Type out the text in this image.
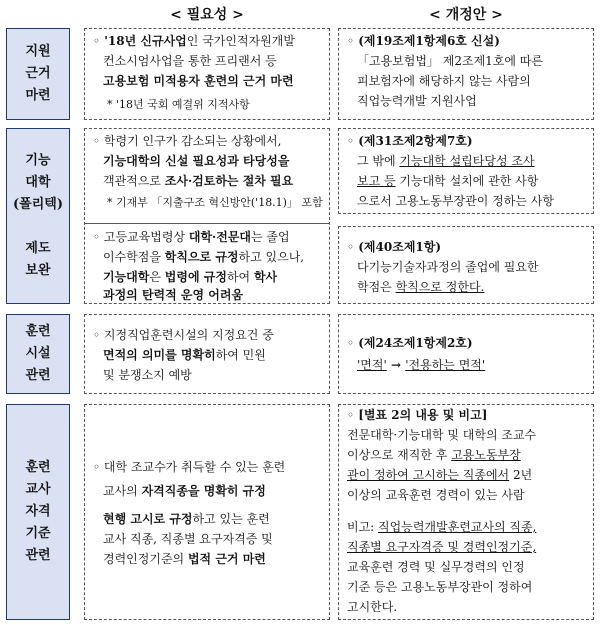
< 필요성 >	< 개정안 >
지원
근거
마련
기능
대학
(폴리텍)

제도
보완
훈련
시설
관련
훈련
교사
자격
기준
관련
◦ '18년 신규사업인 국가인적자원개발
컨소시엄사업을 통한 프리랜서 등
고용보험 미적용자 훈련의 근거 마련
* '18년 국회 예결위 지적사항
◦ (제19조제1항제6호 신설)
「고용보험법」 제2조제1호에 따른
피보험자에 해당하지 않는 사람의
직업능력개발 지원사업
◦ 학령기 인구가 감소되는 상황에서,
기능대학의 신설 필요성과 타당성을
객관적으로 조사·검토하는 절차 필요
* 기재부 「지출구조 혁신방안('18.1)」 포함
◦ 고등교육법령상 대학·전문대는 졸업
이수학점을 학칙으로 규정하고 있으나,
기능대학은 법령에 규정하여 학사
과정의 탄력적 운영 어려움
◦ (제31조제2항제7호)
그 밖에 기능대학 설립타당성 조사
보고 등 기능대학 설치에 관한 사항
으로서 고용노동부장관이 정하는 사항
◦ (제40조제1항)
다기능기술자과정의 졸업에 필요한
학점은 학칙으로 정한다.
◦ 지정직업훈련시설의 지정요건 중
면적의 의미를 명확히하여 민원
및 분쟁소지 예방
◦ (제24조제1항제2호)
'면적' → '전용하는 면적'
◦ 대학 조교수가 취득할 수 있는 훈련
교사의 자격직종을 명확히 규정
현행 고시로 규정하고 있는 훈련
교사 직종, 직종별 요구자격증 및
경력인정기준의 법적 근거 마련
◦ [별표 2의 내용 및 비고]
전문대학·기능대학 및 대학의 조교수
이상으로 재직한 후 고용노동부장
관이 정하여 고시하는 직종에서 2년
이상의 교육훈련 경력이 있는 사람
비고: 직업능력개발훈련교사의 직종,
직종별 요구자격증 및 경력인정기준,
교육훈련 경력 및 실무경력의 인정
기준 등은 고용노동부장관이 정하여
고시한다.
